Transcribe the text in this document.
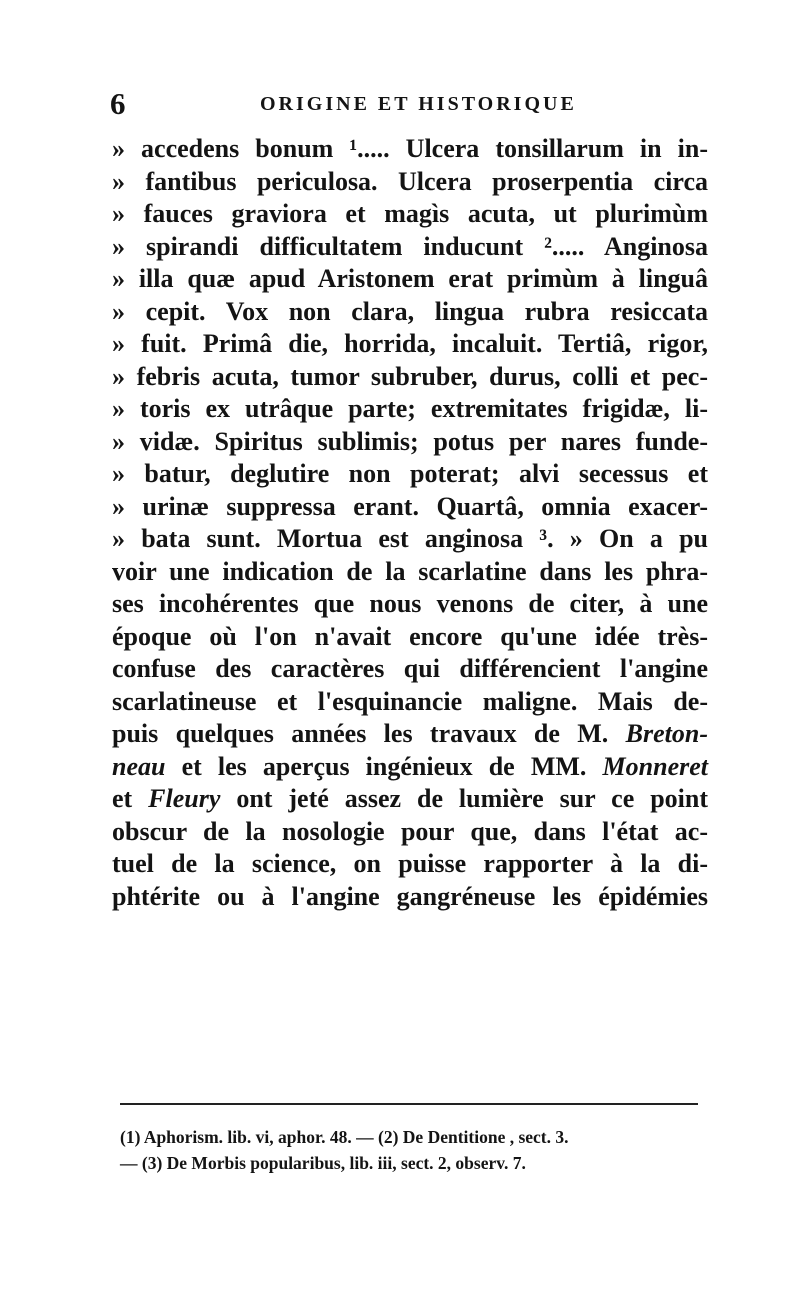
6	ORIGINE ET HISTORIQUE
» accedens bonum ¹..... Ulcera tonsillarum in in-
» fantibus periculosa. Ulcera proserpentia circa
» fauces graviora et magìs acuta, ut plurimùm
» spirandi difficultatem inducunt ²..... Anginosa
» illa quæ apud Aristonem erat primùm à linguâ
» cepit. Vox non clara, lingua rubra resiccata
» fuit. Primâ die, horrida, incaluit. Tertiâ, rigor,
» febris acuta, tumor subruber, durus, colli et pec-
» toris ex utrâque parte; extremitates frigidæ, li-
» vidæ. Spiritus sublimis; potus per nares funde-
» batur, deglutire non poterat; alvi secessus et
» urinæ suppressa erant. Quartâ, omnia exacer-
» bata sunt. Mortua est anginosa ³. » On a pu
voir une indication de la scarlatine dans les phra-
ses incohérentes que nous venons de citer, à une
époque où l'on n'avait encore qu'une idée très-
confuse des caractères qui différencient l'angine
scarlatineuse et l'esquinancie maligne. Mais de-
puis quelques années les travaux de M. Breton-
neau et les aperçus ingénieux de MM. Monneret
et Fleury ont jeté assez de lumière sur ce point
obscur de la nosologie pour que, dans l'état ac-
tuel de la science, on puisse rapporter à la di-
phtérite ou à l'angine gangréneuse les épidémies
(1) Aphorism. lib. vi, aphor. 48. — (2) De Dentitione , sect. 3.
— (3) De Morbis popularibus, lib. iii, sect. 2, observ. 7.
